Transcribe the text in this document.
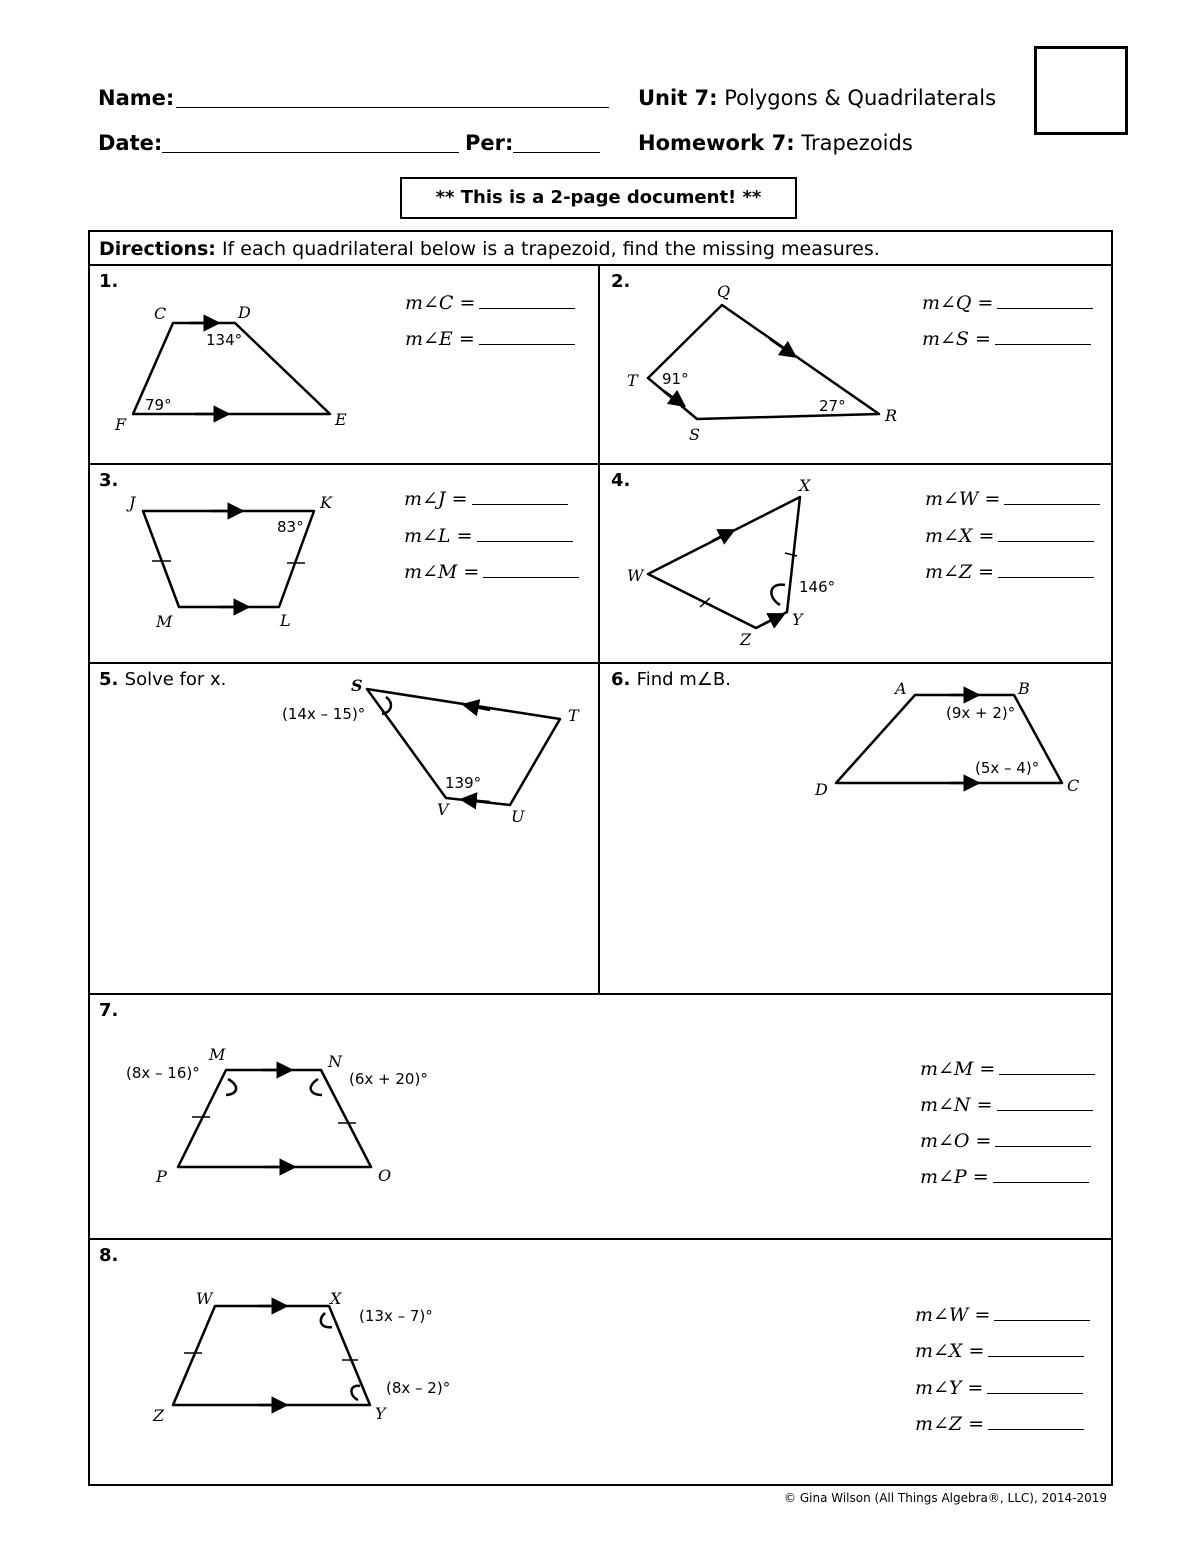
Name:
Date:	Per:
Unit 7: Polygons & Quadrilaterals
Homework 7: Trapezoids
** This is a 2-page document! **
Directions: If each quadrilateral below is a trapezoid, find the missing measures.
1.	2.
3.	4.
5. Solve for x.	6. Find m∠B.
7.
8.
m∠C =
m∠E =
m∠Q =
m∠S =
m∠J =
m∠L =
m∠M =
m∠W =
m∠X =
m∠Z =
m∠M =
m∠N =
m∠O =
m∠P =
m∠W =
m∠X =
m∠Y =
m∠Z =
C	D
E
F
134°
79°
Q
T
S
R
91°
27°
J	K
M	L
83°
X
W
Z
Y
146°
S
T
V	U
(14x – 15)°
139°
A	B
C
D
(9x + 2)°
(5x – 4)°
M	N
P	O
(8x – 16)°	(6x + 20)°
W	X
Z	Y
(13x – 7)°
(8x – 2)°
© Gina Wilson (All Things Algebra®, LLC), 2014-2019
